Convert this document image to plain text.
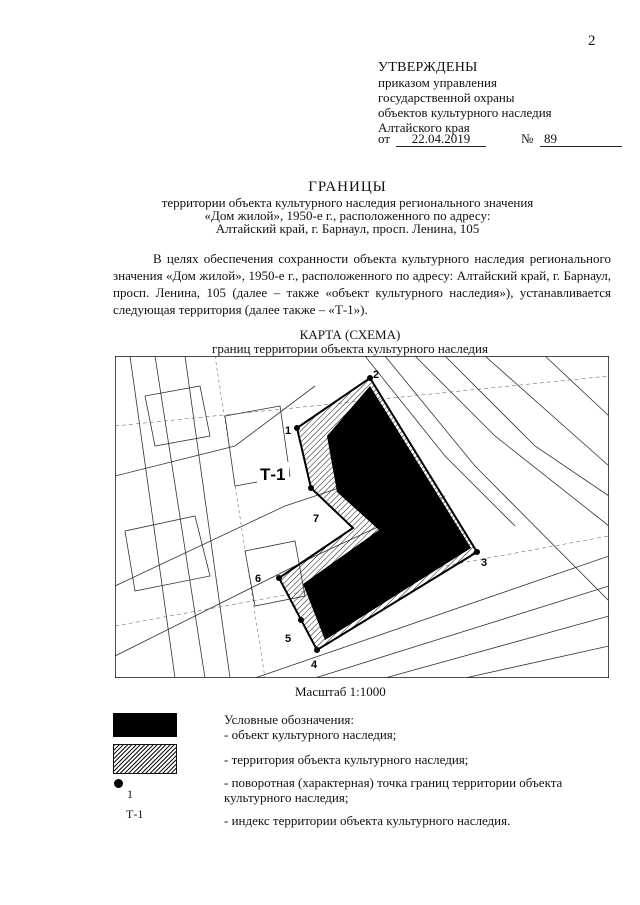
2
УТВЕРЖДЕНЫ
приказом управления
государственной охраны
объектов культурного наследия
Алтайского края
от	22.04.2019	№ 89
ГРАНИЦЫ
территории объекта культурного наследия регионального значения
«Дом жилой», 1950-е г., расположенного по адресу:
Алтайский край, г. Барнаул, просп. Ленина, 105
В целях обеспечения сохранности объекта культурного наследия регионального значения «Дом жилой», 1950-е г., расположенного по адресу: Алтайский край, г. Барнаул, просп. Ленина, 105 (далее – также «объект культурного наследия»), устанавливается следующая территория (далее также – «Т-1»).
КАРТА (СХЕМА)
границ территории объекта культурного наследия
1
2
3
4
5
6
7
Т-1
Масштаб 1:1000
1
Т-1
Условные обозначения:
- объект культурного наследия;
- территория объекта культурного наследия;
- поворотная (характерная) точка границ территории объекта культурного наследия;
- индекс территории объекта культурного наследия.
